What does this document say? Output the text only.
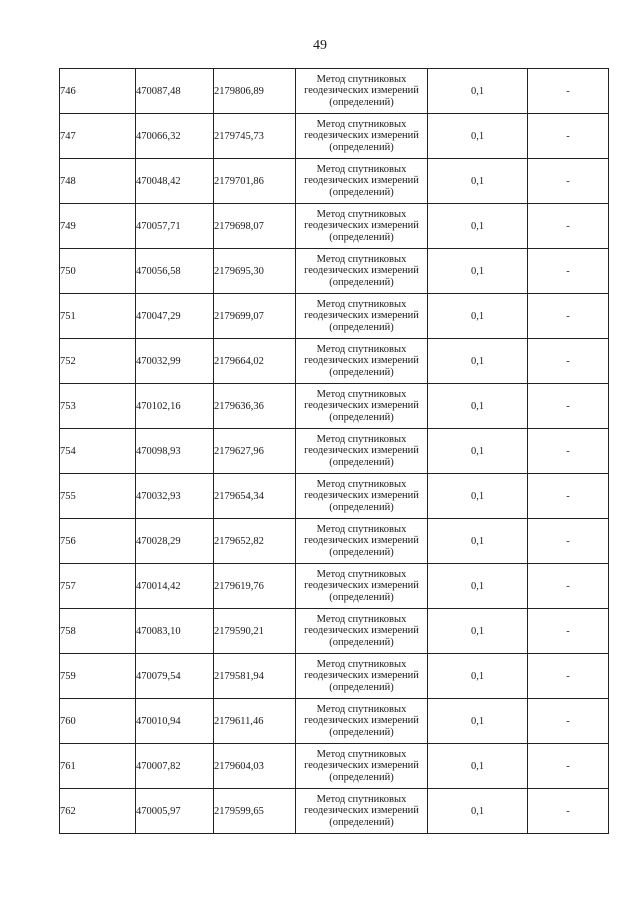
49
746	470087,48	2179806,89	Метод спутниковых
геодезических измерений
(определений)	0,1	-
747	470066,32	2179745,73	Метод спутниковых
геодезических измерений
(определений)	0,1	-
748	470048,42	2179701,86	Метод спутниковых
геодезических измерений
(определений)	0,1	-
749	470057,71	2179698,07	Метод спутниковых
геодезических измерений
(определений)	0,1	-
750	470056,58	2179695,30	Метод спутниковых
геодезических измерений
(определений)	0,1	-
751	470047,29	2179699,07	Метод спутниковых
геодезических измерений
(определений)	0,1	-
752	470032,99	2179664,02	Метод спутниковых
геодезических измерений
(определений)	0,1	-
753	470102,16	2179636,36	Метод спутниковых
геодезических измерений
(определений)	0,1	-
754	470098,93	2179627,96	Метод спутниковых
геодезических измерений
(определений)	0,1	-
755	470032,93	2179654,34	Метод спутниковых
геодезических измерений
(определений)	0,1	-
756	470028,29	2179652,82	Метод спутниковых
геодезических измерений
(определений)	0,1	-
757	470014,42	2179619,76	Метод спутниковых
геодезических измерений
(определений)	0,1	-
758	470083,10	2179590,21	Метод спутниковых
геодезических измерений
(определений)	0,1	-
759	470079,54	2179581,94	Метод спутниковых
геодезических измерений
(определений)	0,1	-
760	470010,94	2179611,46	Метод спутниковых
геодезических измерений
(определений)	0,1	-
761	470007,82	2179604,03	Метод спутниковых
геодезических измерений
(определений)	0,1	-
762	470005,97	2179599,65	Метод спутниковых
геодезических измерений
(определений)	0,1	-
